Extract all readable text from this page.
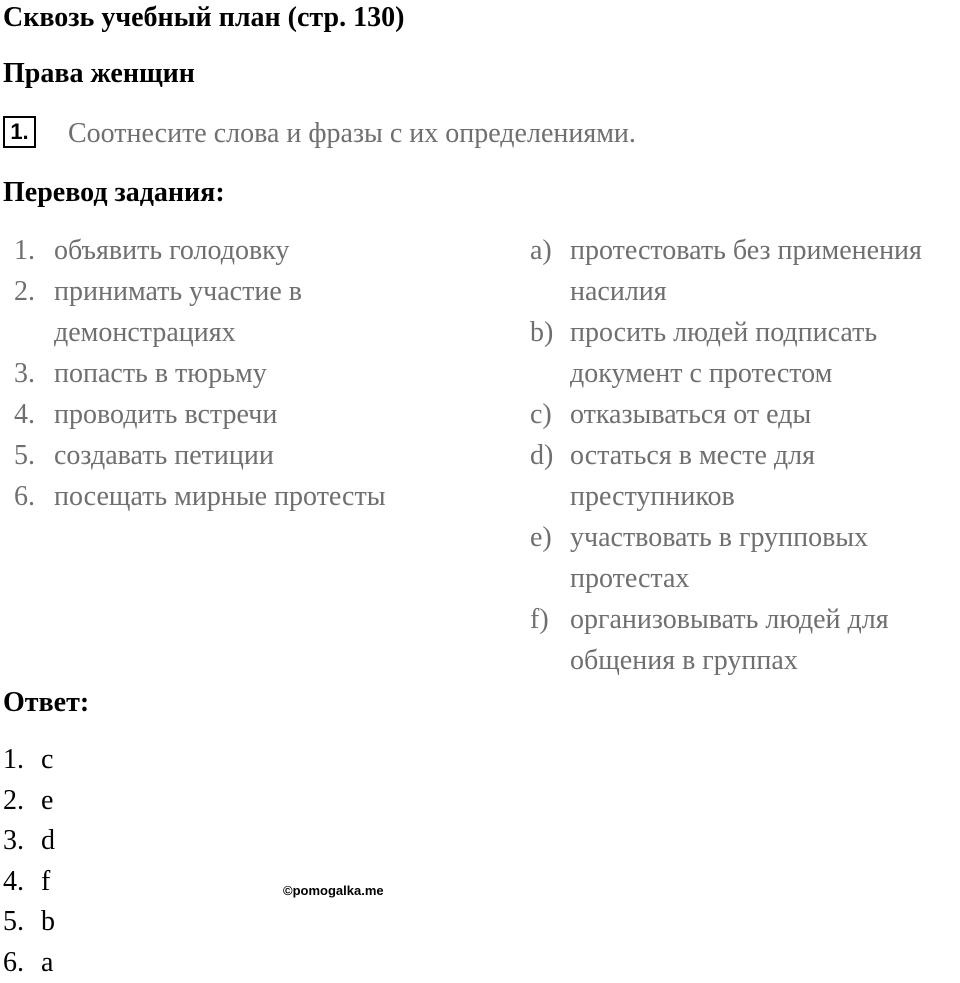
Сквозь учебный план (стр. 130)
Права женщин
1. Соотнесите слова и фразы с их определениями.
Перевод задания:
1. объявить голодовку
2. принимать участие в
демонстрациях
3. попасть в тюрьму
4. проводить встречи
5. создавать петиции
6. посещать мирные протесты
a) протестовать без применения
насилия
b) просить людей подписать
документ с протестом
c) отказываться от еды
d) остаться в месте для
преступников
e) участвовать в групповых
протестах
f) организовывать людей для
общения в группах
Ответ:
1. c
2. e
3. d
4. f
5. b
6. a
©pomogalka.me
